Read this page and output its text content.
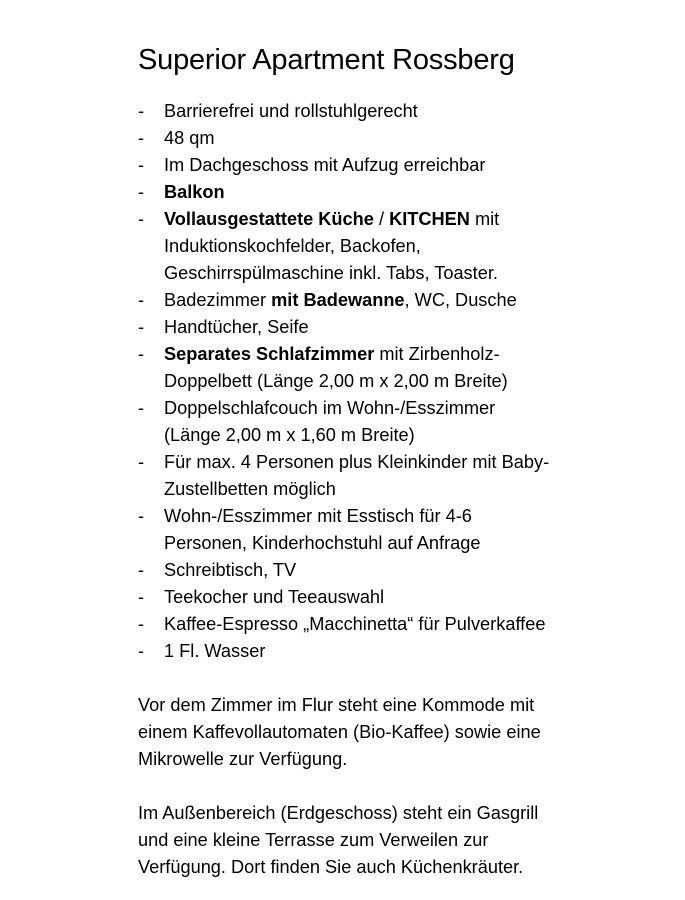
Superior Apartment Rossberg
- Barrierefrei und rollstuhlgerecht
- 48 qm
- Im Dachgeschoss mit Aufzug erreichbar
- Balkon
- Vollausgestattete Küche / KITCHEN mit
Induktionskochfelder, Backofen,
Geschirrspülmaschine inkl. Tabs, Toaster.
- Badezimmer mit Badewanne, WC, Dusche
- Handtücher, Seife
- Separates Schlafzimmer mit Zirbenholz-
Doppelbett (Länge 2,00 m x 2,00 m Breite)
- Doppelschlafcouch im Wohn-/Esszimmer
(Länge 2,00 m x 1,60 m Breite)
- Für max. 4 Personen plus Kleinkinder mit Baby-
Zustellbetten möglich
- Wohn-/Esszimmer mit Esstisch für 4-6
Personen, Kinderhochstuhl auf Anfrage
- Schreibtisch, TV
- Teekocher und Teeauswahl
- Kaffee-Espresso „Macchinetta“ für Pulverkaffee
- 1 Fl. Wasser

Vor dem Zimmer im Flur steht eine Kommode mit
einem Kaffevollautomaten (Bio-Kaffee) sowie eine
Mikrowelle zur Verfügung.

Im Außenbereich (Erdgeschoss) steht ein Gasgrill
und eine kleine Terrasse zum Verweilen zur
Verfügung. Dort finden Sie auch Küchenkräuter.
